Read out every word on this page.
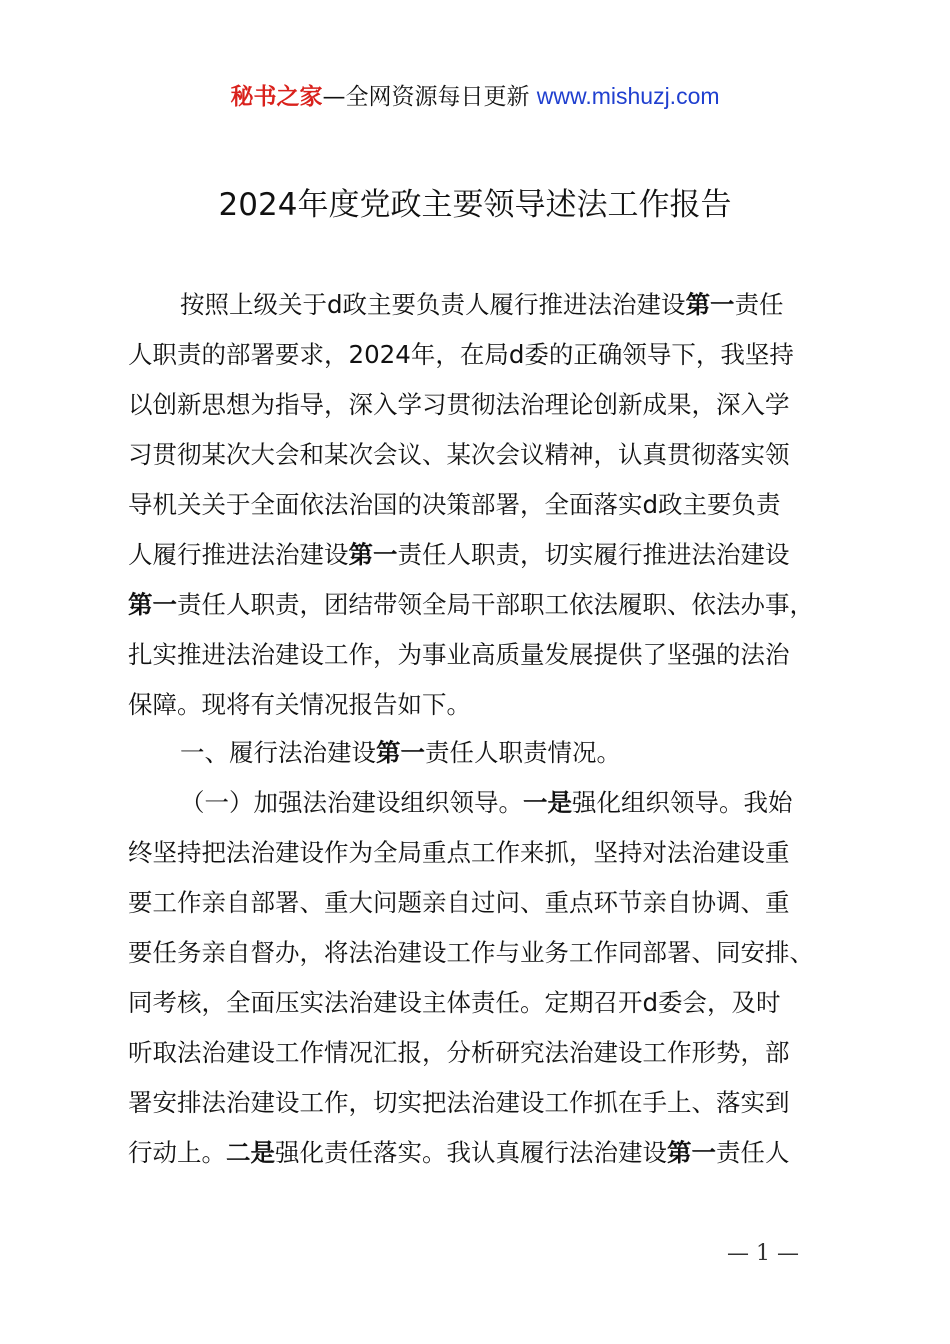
秘书之家—全网资源每日更新 www.mishuzj.com
2024年度党政主要领导述法工作报告
按照上级关于d政主要负责人履行推进法治建设第一责任
人职责的部署要求，2024年，在局d委的正确领导下，我坚持
以创新思想为指导，深入学习贯彻法治理论创新成果，深入学
习贯彻某次大会和某次会议、某次会议精神，认真贯彻落实领
导机关关于全面依法治国的决策部署，全面落实d政主要负责
人履行推进法治建设第一责任人职责，切实履行推进法治建设
第一责任人职责，团结带领全局干部职工依法履职、依法办事，
扎实推进法治建设工作，为事业高质量发展提供了坚强的法治
保障。现将有关情况报告如下。
一、履行法治建设第一责任人职责情况。
（一）加强法治建设组织领导。一是强化组织领导。我始
终坚持把法治建设作为全局重点工作来抓，坚持对法治建设重
要工作亲自部署、重大问题亲自过问、重点环节亲自协调、重
要任务亲自督办，将法治建设工作与业务工作同部署、同安排、
同考核，全面压实法治建设主体责任。定期召开d委会，及时
听取法治建设工作情况汇报，分析研究法治建设工作形势，部
署安排法治建设工作，切实把法治建设工作抓在手上、落实到
行动上。二是强化责任落实。我认真履行法治建设第一责任人
— 1 —
